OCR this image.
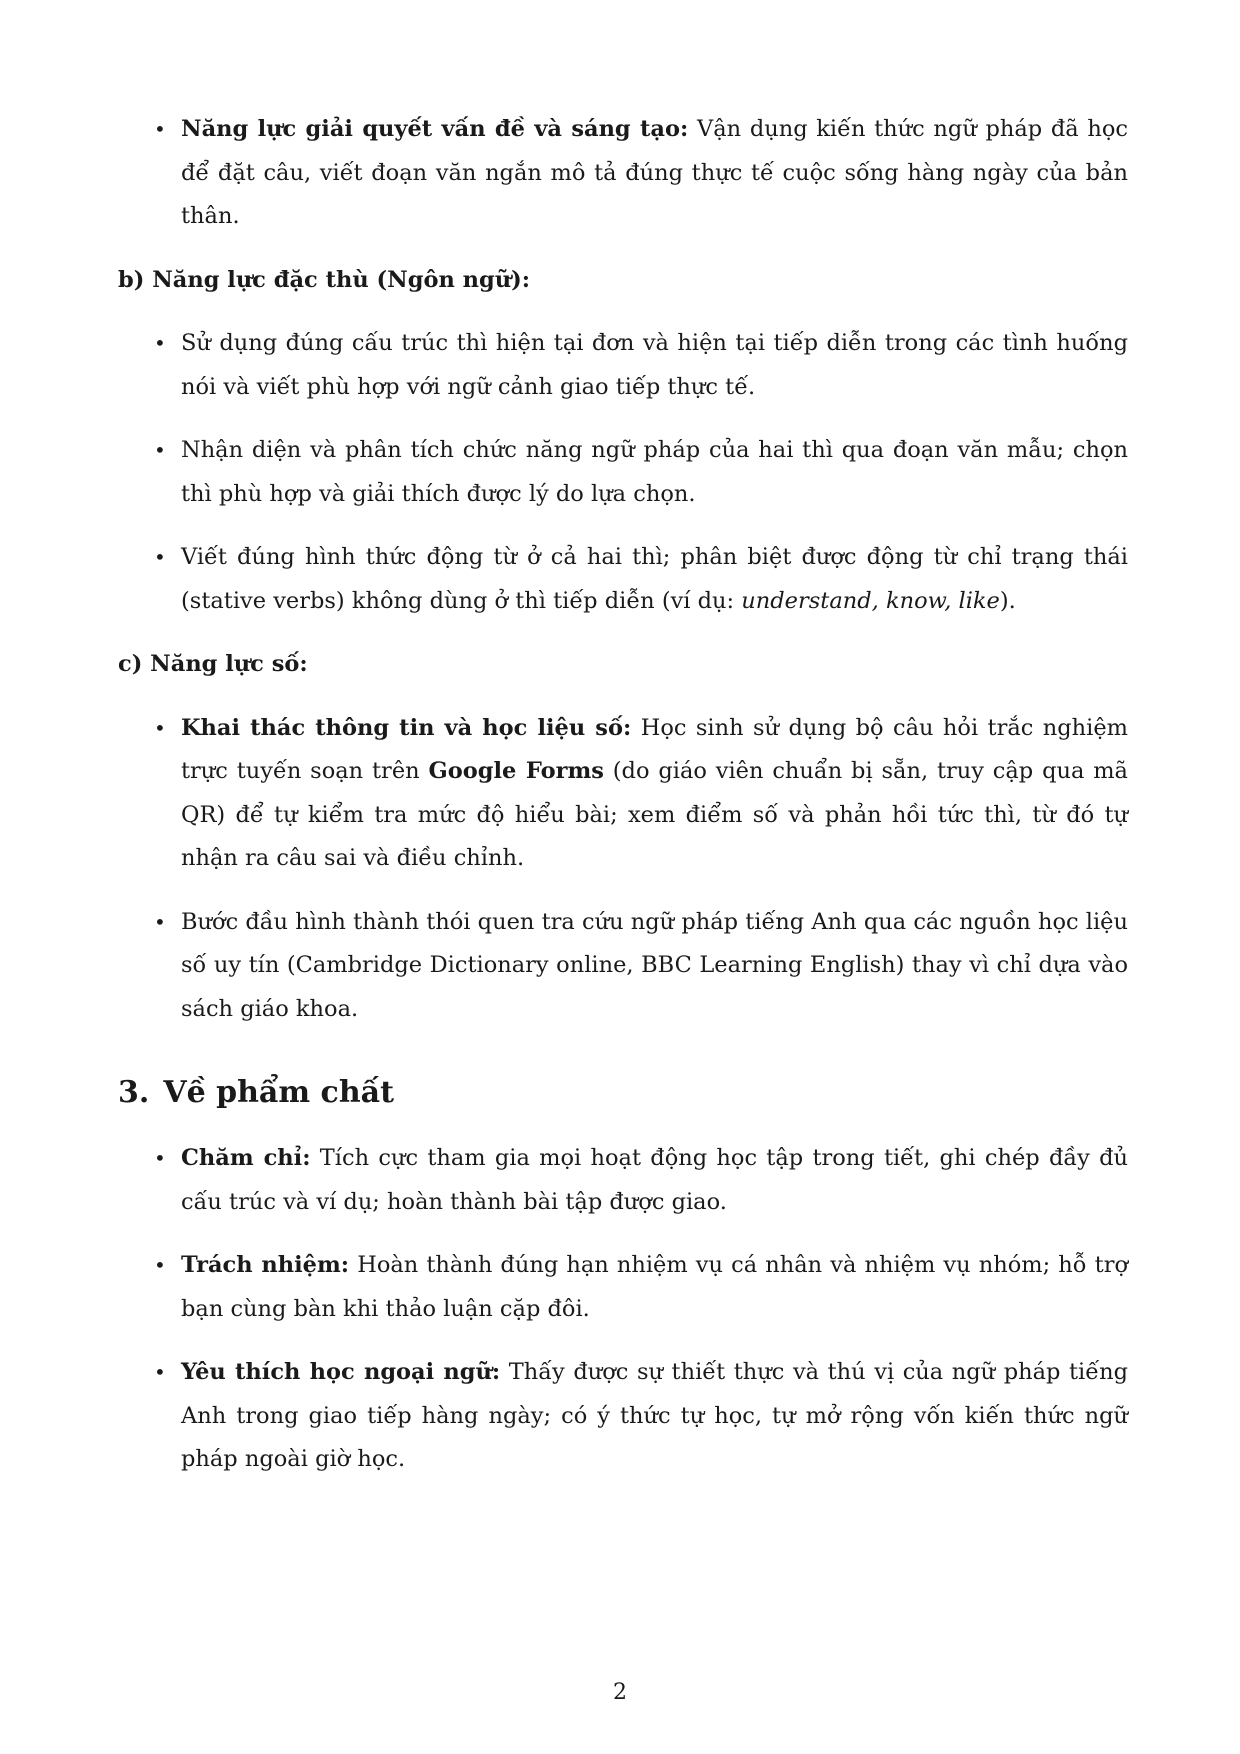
• Năng lực giải quyết vấn đề và sáng tạo: Vận dụng kiến thức ngữ pháp đã học để đặt câu, viết đoạn văn ngắn mô tả đúng thực tế cuộc sống hàng ngày của bản thân.
b) Năng lực đặc thù (Ngôn ngữ):
• Sử dụng đúng cấu trúc thì hiện tại đơn và hiện tại tiếp diễn trong các tình huống nói và viết phù hợp với ngữ cảnh giao tiếp thực tế.
• Nhận diện và phân tích chức năng ngữ pháp của hai thì qua đoạn văn mẫu; chọn thì phù hợp và giải thích được lý do lựa chọn.
• Viết đúng hình thức động từ ở cả hai thì; phân biệt được động từ chỉ trạng thái (stative verbs) không dùng ở thì tiếp diễn (ví dụ: understand, know, like).
c) Năng lực số:
• Khai thác thông tin và học liệu số: Học sinh sử dụng bộ câu hỏi trắc nghiệm trực tuyến soạn trên Google Forms (do giáo viên chuẩn bị sẵn, truy cập qua mã QR) để tự kiểm tra mức độ hiểu bài; xem điểm số và phản hồi tức thì, từ đó tự nhận ra câu sai và điều chỉnh.
• Bước đầu hình thành thói quen tra cứu ngữ pháp tiếng Anh qua các nguồn học liệu số uy tín (Cambridge Dictionary online, BBC Learning English) thay vì chỉ dựa vào sách giáo khoa.
3. Về phẩm chất
• Chăm chỉ: Tích cực tham gia mọi hoạt động học tập trong tiết, ghi chép đầy đủ cấu trúc và ví dụ; hoàn thành bài tập được giao.
• Trách nhiệm: Hoàn thành đúng hạn nhiệm vụ cá nhân và nhiệm vụ nhóm; hỗ trợ bạn cùng bàn khi thảo luận cặp đôi.
• Yêu thích học ngoại ngữ: Thấy được sự thiết thực và thú vị của ngữ pháp tiếng Anh trong giao tiếp hàng ngày; có ý thức tự học, tự mở rộng vốn kiến thức ngữ pháp ngoài giờ học.
2
